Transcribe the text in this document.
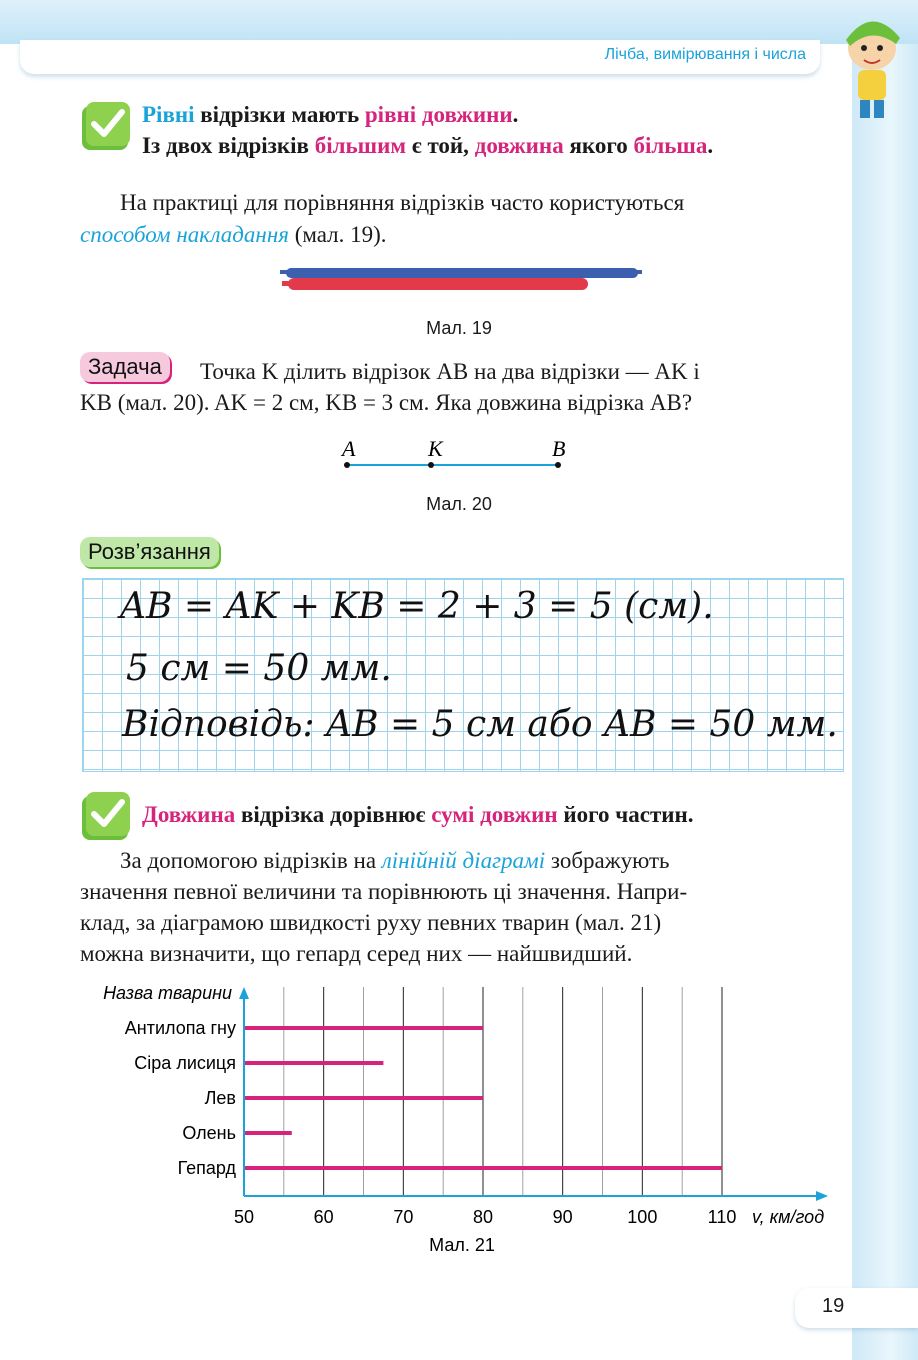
Лічба, вимірювання і числа
Рівні відрізки мають рівні довжини.
Із двох відрізків більшим є той, довжина якого більша.
На практиці для порівняння відрізків часто користуються
способом накладання (мал. 19).
Мал. 19
Задача	Точка K ділить відрізок AB на два відрізки — AK і
KB (мал. 20). AK = 2 см, KB = 3 см. Яка довжина відрізка AB?
A	K	B
Мал. 20
Розв’язання
AB = AK + KB = 2 + 3 = 5 (см).
5 см = 50 мм.
Відповідь: AB = 5 см або AB = 50 мм.
Довжина відрізка дорівнює сумі довжин його частин.
За допомогою відрізків на лінійній діаграмі зображують
значення певної величини та порівнюють ці значення. Напри-
клад, за діаграмою швидкості руху певних тварин (мал. 21)
можна визначити, що гепард серед них — найшвидший.
Антилопа гну
Сіра лисиця
Лев
Олень
Гепард
50	60	70	80	90	100	110
Назва тварини
v, км/год
Мал. 21
19
